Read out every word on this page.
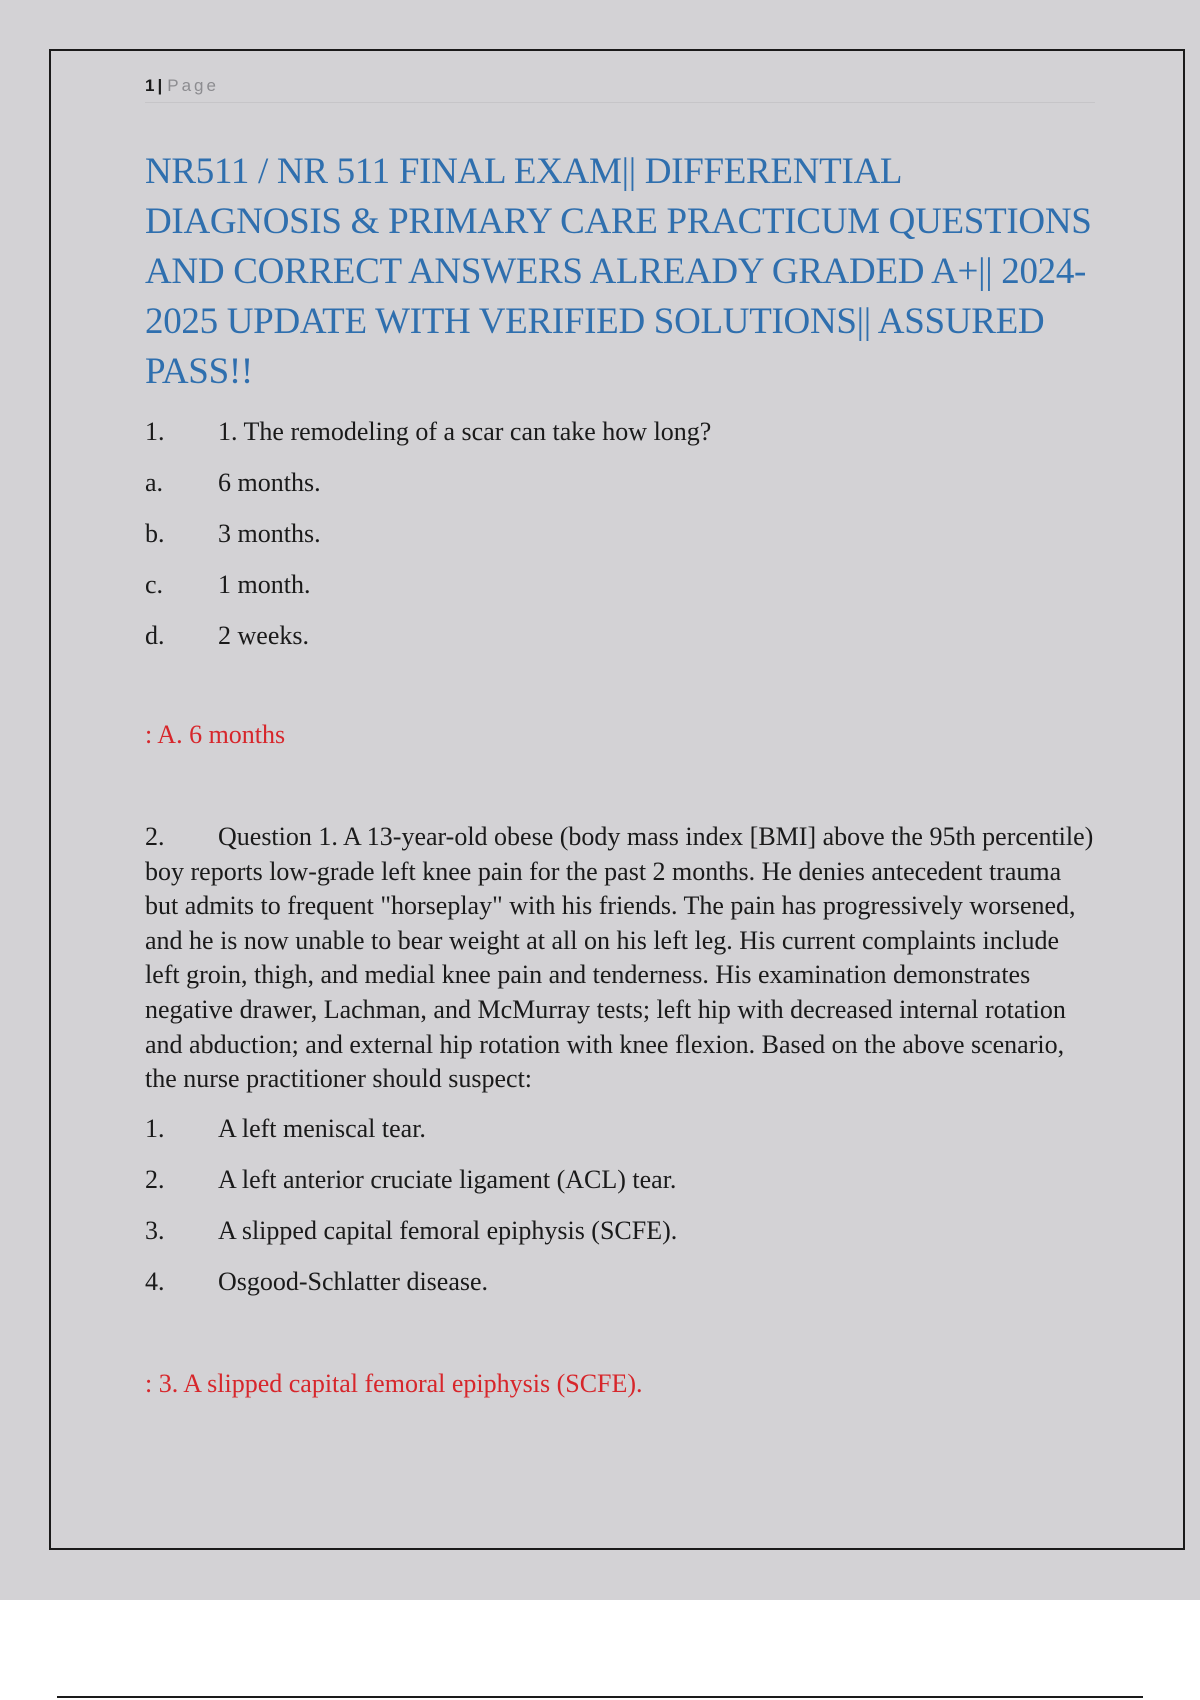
1 | Page
NR511 / NR 511 FINAL EXAM|| DIFFERENTIAL DIAGNOSIS & PRIMARY CARE PRACTICUM QUESTIONS AND CORRECT ANSWERS ALREADY GRADED A+|| 2024-2025 UPDATE WITH VERIFIED SOLUTIONS|| ASSURED PASS!!
1.	1. The remodeling of a scar can take how long?
a.	6 months.
b.	3 months.
c.	1 month.
d.	2 weeks.
: A. 6 months
2. Question 1. A 13-year-old obese (body mass index [BMI] above the 95th percentile) boy reports low-grade left knee pain for the past 2 months. He denies antecedent trauma but admits to frequent "horseplay" with his friends. The pain has progressively worsened, and he is now unable to bear weight at all on his left leg. His current complaints include left groin, thigh, and medial knee pain and tenderness. His examination demonstrates negative drawer, Lachman, and McMurray tests; left hip with decreased internal rotation and abduction; and external hip rotation with knee flexion. Based on the above scenario, the nurse practitioner should suspect:
1.	A left meniscal tear.
2.	A left anterior cruciate ligament (ACL) tear.
3.	A slipped capital femoral epiphysis (SCFE).
4.	Osgood-Schlatter disease.
: 3. A slipped capital femoral epiphysis (SCFE).
